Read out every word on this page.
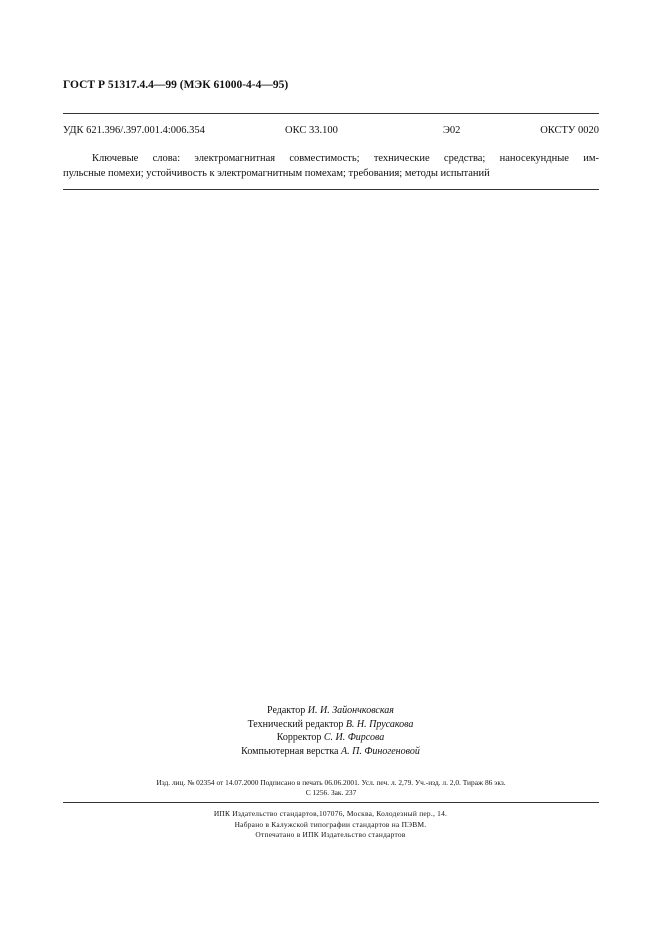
ГОСТ Р 51317.4.4—99 (МЭК 61000-4-4—95)
УДК 621.396/.397.001.4:006.354	ОКС 33.100	Э02	ОКСТУ 0020
Ключевые слова: электромагнитная совместимость; технические средства; наносекундные им-
пульсные помехи; устойчивость к электромагнитным помехам; требования; методы испытаний
Редактор И. И. Зайончковская
Технический редактор В. Н. Прусакова
Корректор С. И. Фирсова
Компьютерная верстка А. П. Финогеновой
Изд. лиц. № 02354 от 14.07.2000 Подписано в печать 06.06.2001. Усл. печ. л. 2,79. Уч.-изд. л. 2,0. Тираж 86 экз.
С 1256. Зак. 237
ИПК Издательство стандартов,107076, Москва, Колодезный пер., 14.
Набрано в Калужской типографии стандартов на ПЭВМ.
Отпечатано в ИПК Издательство стандартов
